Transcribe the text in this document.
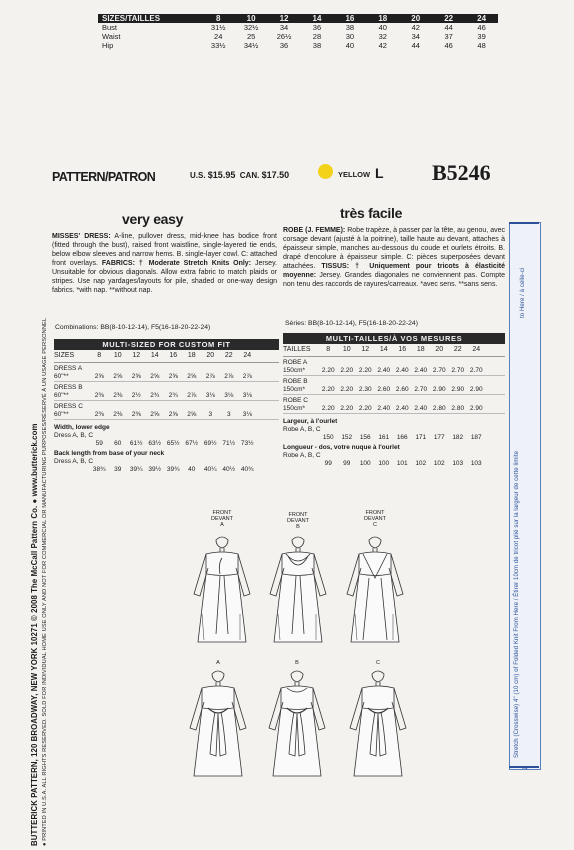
SIZES/TAILLES	8	10	12	14	16	18	20	22	24
Bust	31½	32½	34	36	38	40	42	44	46
Waist	24	25	26½	28	30	32	34	37	39
Hip	33½	34½	36	38	40	42	44	46	48
PATTERN/PATRON	U.S. $15.95 CAN. $17.50	YELLOW L B5246
very easy
MISSES' DRESS: A-line, pullover dress, mid-knee has bodice front (fitted through the bust), raised front waistline, single-layered tie ends, below elbow sleeves and narrow hems. B. single-layer cowl. C: attached front overlays. FABRICS: † Moderate Stretch Knits Only: Jersey. Unsuitable for obvious diagonals. Allow extra fabric to match plaids or stripes. Use nap yardages/layouts for pile, shaded or one-way design fabrics. *with nap. **without nap.
Combinations: BB(8-10-12-14), F5(16-18-20-22-24)
MULTI-SIZED FOR CUSTOM FIT
SIZES	8	10	12	14	16	18	20	22	24
DRESS A
60"**	2⅝	2⅝	2⅝	2⅝	2⅝	2⅝	2⅞	2⅞	2⅞
DRESS B
60"**	2⅜	2⅜	2½	2¾	2¾	2⅞	3⅛	3⅛	3⅛
DRESS C
60"**	2⅜	2⅜	2⅜	2⅝	2⅝	2⅝	3	3	3⅛
Width, lower edge
Dress A, B, C
59	60	61½ 63½ 65½ 67½ 69½ 71½ 73½
Back length from base of your neck
Dress A, B, C
38¾	39	39¼ 39½ 39¾	40	40¼ 40½ 40¾
très facile
ROBE (J. FEMME): Robe trapèze, à passer par la tête, au genou, avec corsage devant (ajusté à la poitrine), taille haute au devant, attaches à épaisseur simple, manches au-dessous du coude et ourlets étroits. B. drapé d'encolure à épaisseur simple. C: pièces superposées devant attachées. TISSUS: † Uniquement pour tricots à élasticité moyenne: Jersey. Grandes diagonales ne conviennent pas. Compte non tenu des raccords de rayures/carreaux. *avec sens. **sans sens.
Séries: BB(8-10-12-14), F5(16-18-20-22-24)
MULTI-TAILLES/À VOS MESURES
TAILLES	8	10	12	14	16	18	20	22	24
ROBE A
150cm*	2.20 2.20 2.20 2.40 2.40 2.40 2.70 2.70 2.70
ROBE B
150cm*	2.20 2.20 2.30 2.60 2.60 2.70 2.90 2.90 2.90
ROBE C
150cm*	2.20 2.20 2.20 2.40 2.40 2.40 2.80 2.80 2.90
Largeur, à l'ourlet
Robe A, B, C
150	152	156	161	166	171	177	182	187
Longueur - dos, votre nuque à l'ourlet
Robe A, B, C
99	99	100	100	101	102	102	103	103
FRONT
DEVANT
A
A
FRONT
DEVANT
B
B
FRONT
DEVANT
C
C
BUTTERICK PATTERN, 120 BROADWAY, NEW YORK 10271 © 2008 The McCall Pattern Co. ● www.butterick.com ● PRINTED IN U.S.A. ALL RIGHTS RESERVED. SOLD FOR INDIVIDUAL HOME USE ONLY AND NOT FOR COMMERCIAL OR MANUFACTURING PURPOSES/RÉSERVÉ À UN USAGE PERSONNEL
to Here / à celle-ci
Stretch (Crosswise) 4" (10 cm) of Folded Knit From Here / Étirer 10cm de tricot plié sur la largeur de cette limite
→
